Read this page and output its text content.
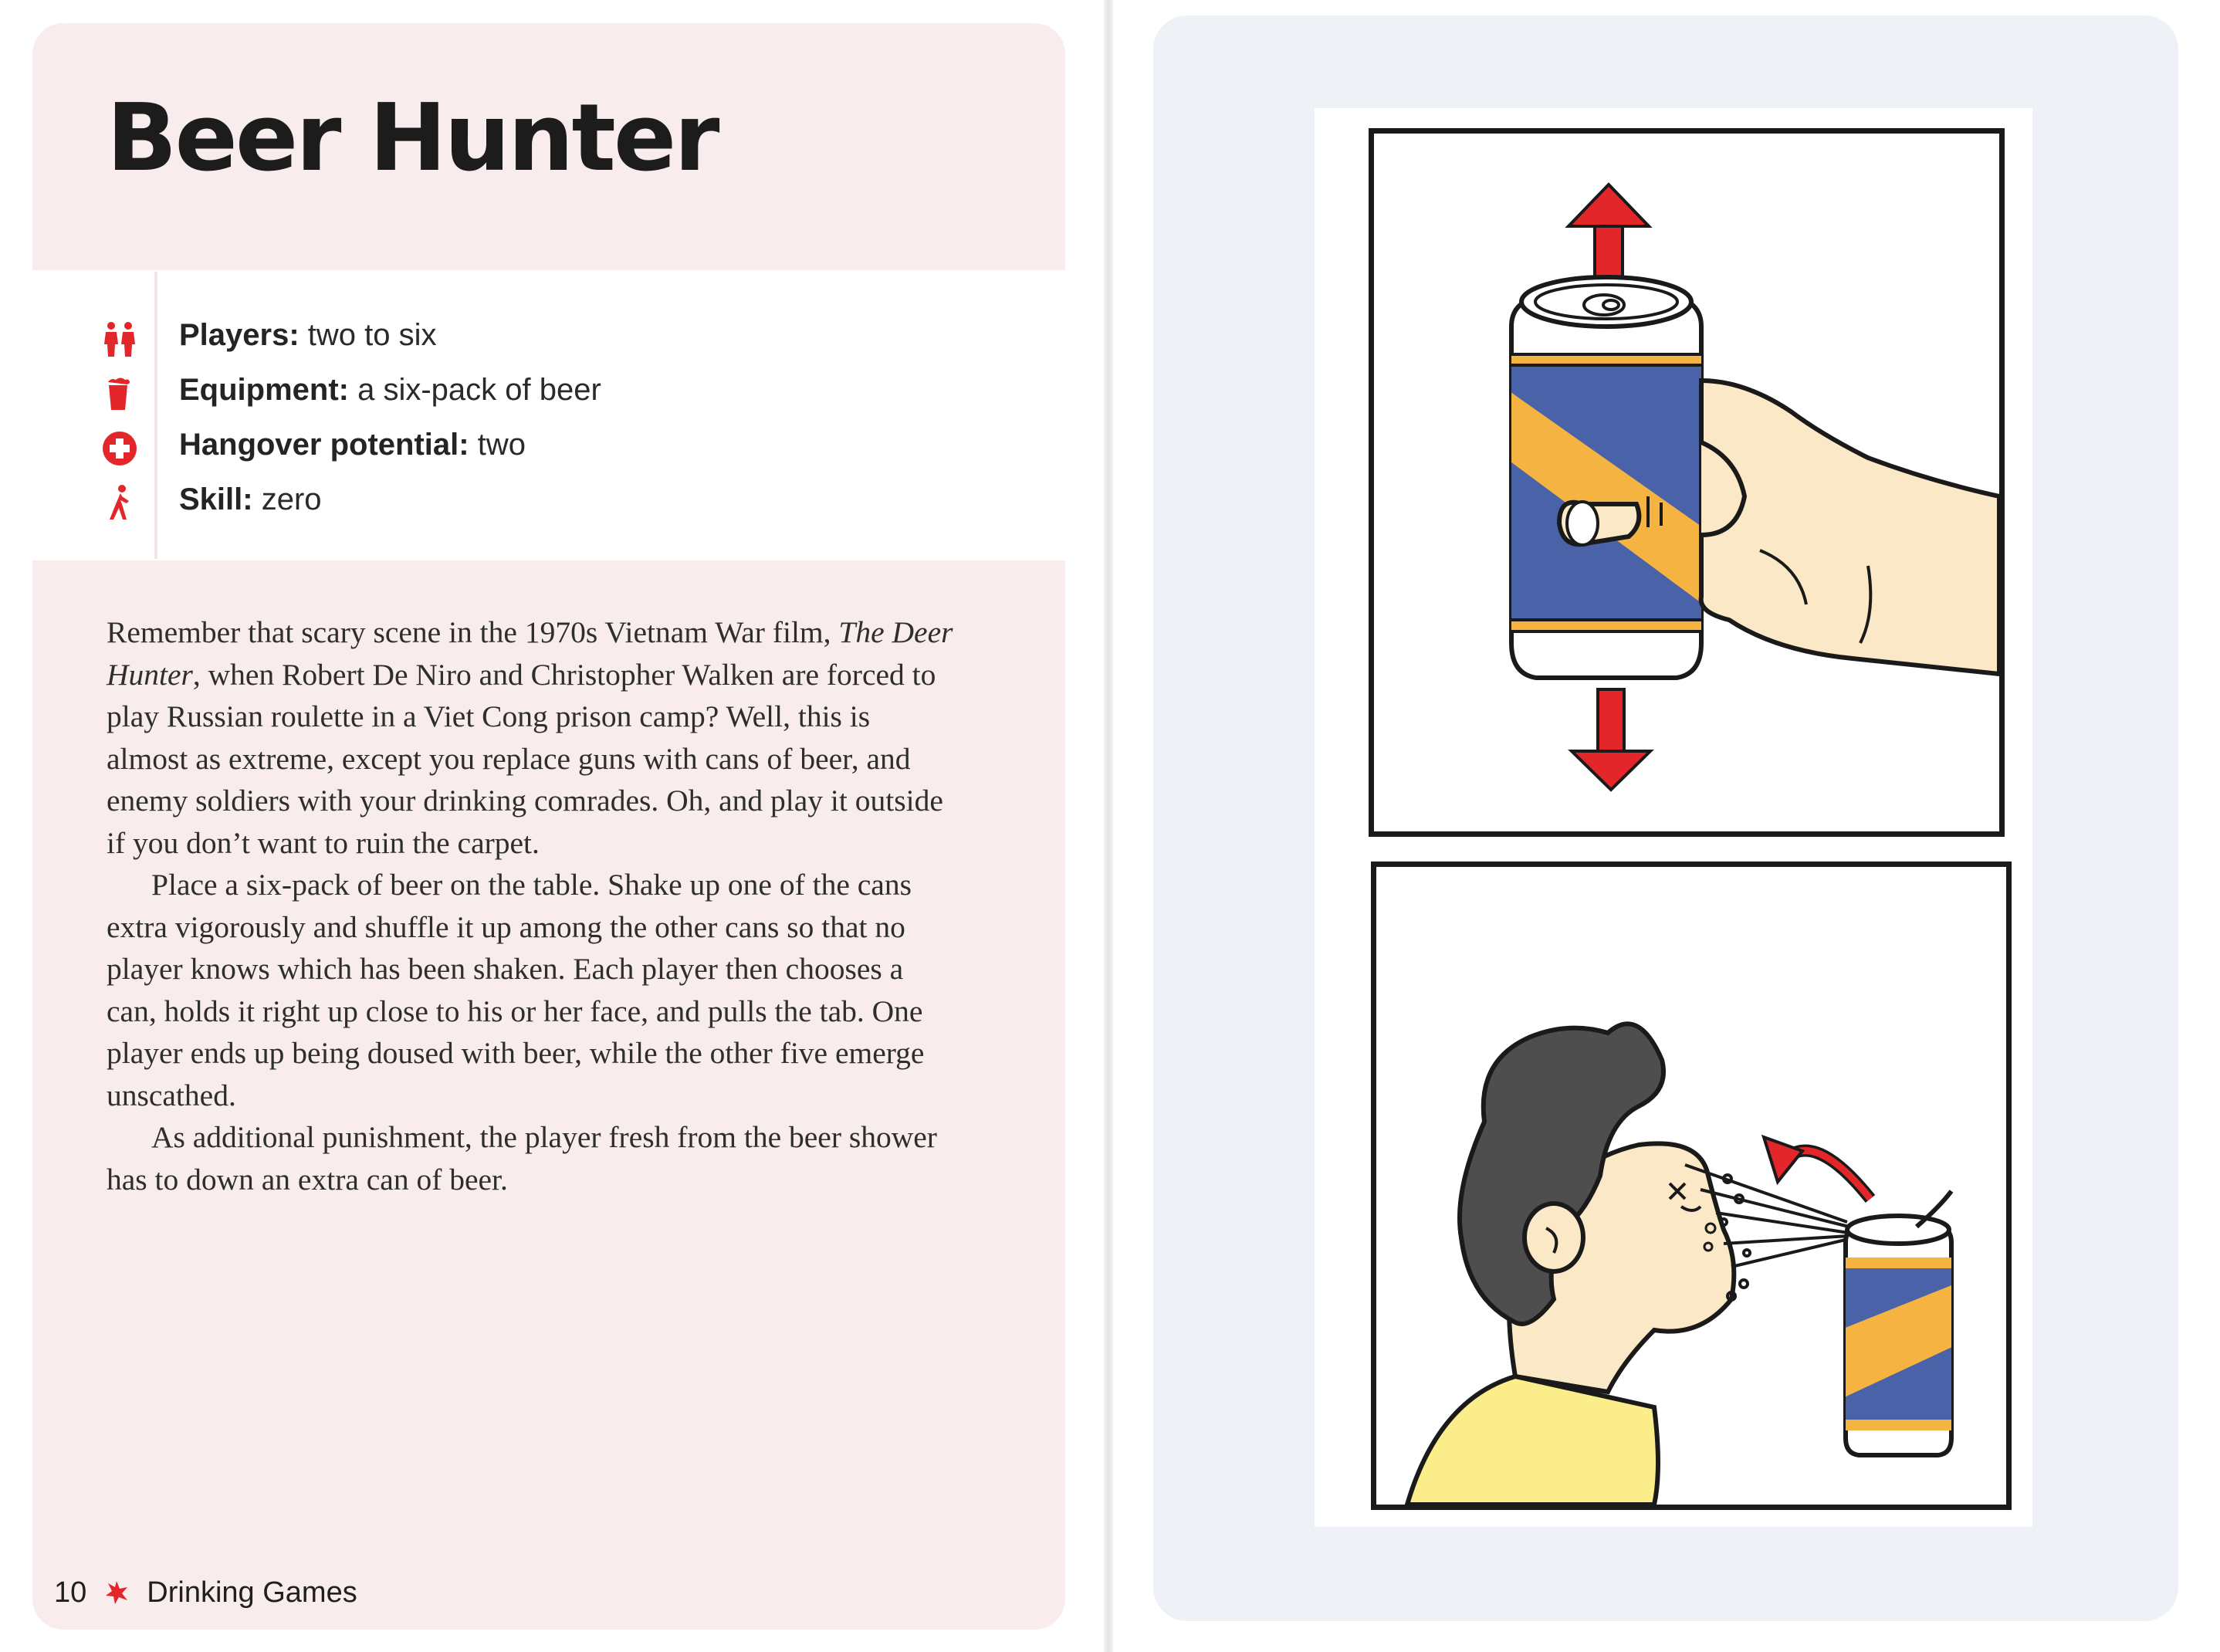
Beer Hunter
Players: two to six
Equipment: a six-pack of beer
Hangover potential: two
Skill: zero

Remember that scary scene in the 1970s Vietnam War film, The Deer Hunter, when Robert De Niro and Christopher Walken are forced to play Russian roulette in a Viet Cong prison camp? Well, this is almost as extreme, except you replace guns with cans of beer, and enemy soldiers with your drinking comrades. Oh, and play it outside if you don’t want to ruin the carpet.

Place a six-pack of beer on the table. Shake up one of the cans extra vigorously and shuffle it up among the other cans so that no player knows which has been shaken. Each player then chooses a can, holds it right up close to his or her face, and pulls the tab. One player ends up being doused with beer, while the other five emerge unscathed.

As additional punishment, the player fresh from the beer shower has to down an extra can of beer.

10 Drinking Games
